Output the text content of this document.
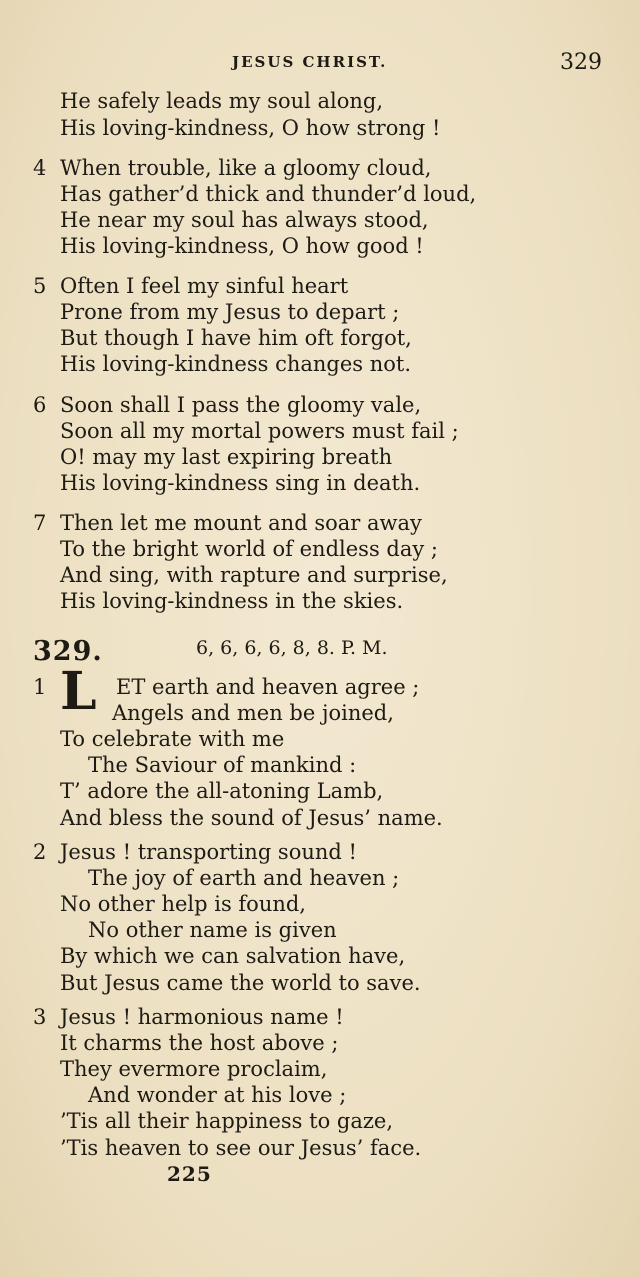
JESUS CHRIST.	329
He safely leads my soul along,
His loving-kindness, O how strong !
4 When trouble, like a gloomy cloud,
Has gather’d thick and thunder’d loud,
He near my soul has always stood,
His loving-kindness, O how good !
5 Often I feel my sinful heart
Prone from my Jesus to depart ;
But though I have him oft forgot,
His loving-kindness changes not.
6 Soon shall I pass the gloomy vale,
Soon all my mortal powers must fail ;
O! may my last expiring breath
His loving-kindness sing in death.
7 Then let me mount and soar away
To the bright world of endless day ;
And sing, with rapture and surprise,
His loving-kindness in the skies.
329.	6, 6, 6, 6, 8, 8. P. M.
1 L ET earth and heaven agree ;
Angels and men be joined,
To celebrate with me
The Saviour of mankind :
T’ adore the all-atoning Lamb,
And bless the sound of Jesus’ name.
2 Jesus ! transporting sound !
The joy of earth and heaven ;
No other help is found,
No other name is given
By which we can salvation have,
But Jesus came the world to save.
3 Jesus ! harmonious name !
It charms the host above ;
They evermore proclaim,
And wonder at his love ;
’Tis all their happiness to gaze,
’Tis heaven to see our Jesus’ face.
225
